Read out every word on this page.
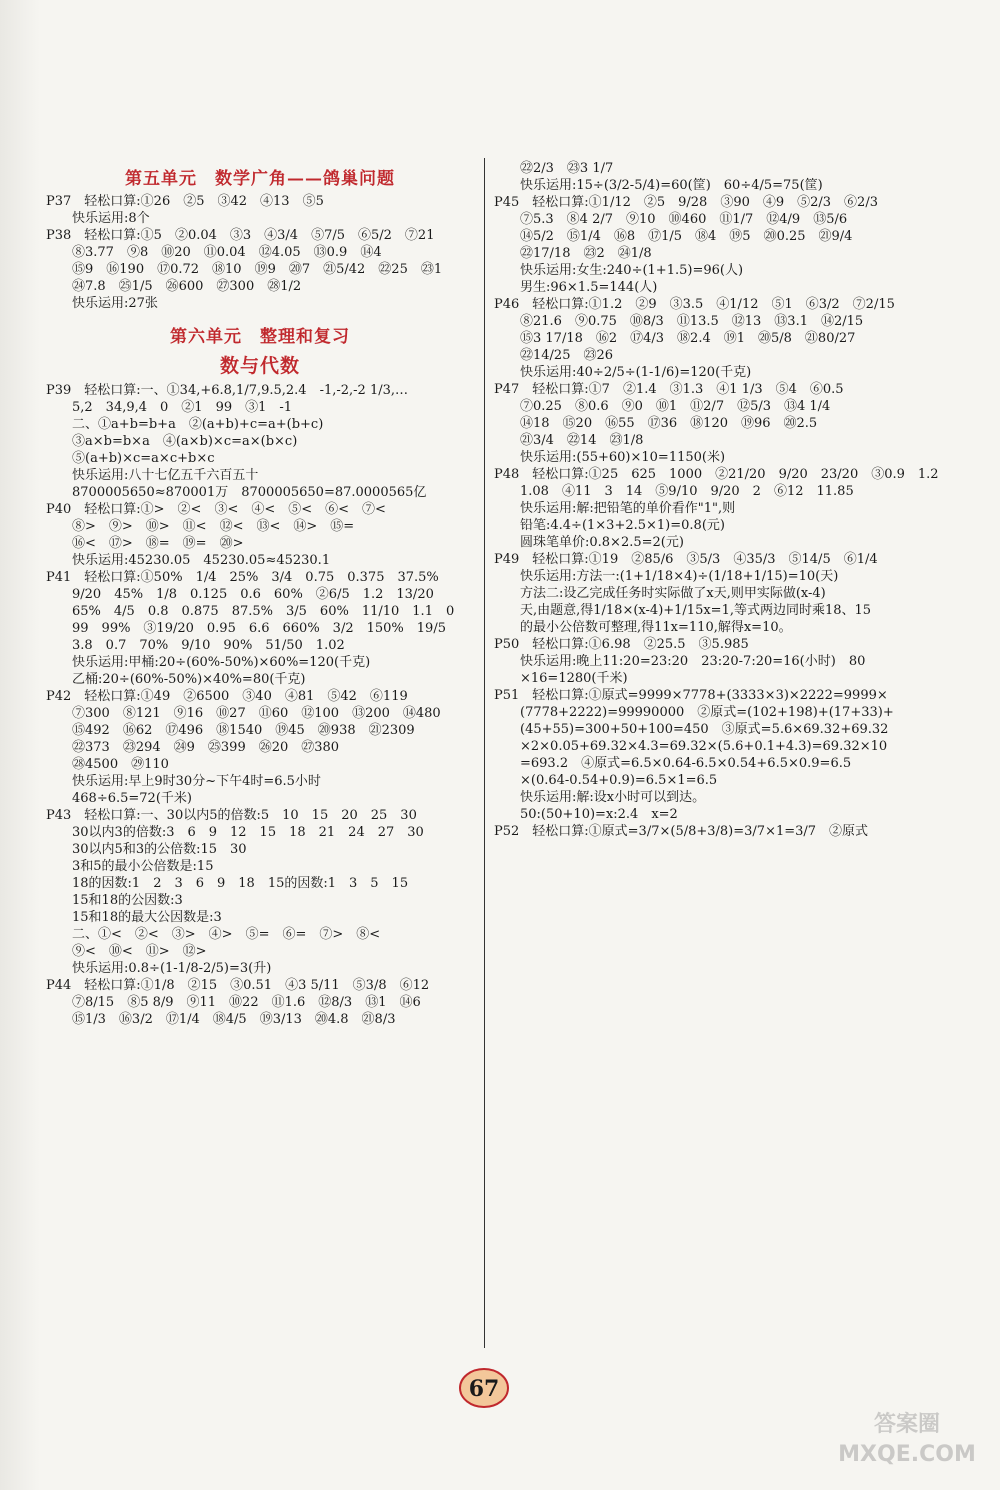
第五单元　数学广角——鸽巢问题
P37　轻松口算:①26　②5　③42　④13　⑤5
　　快乐运用:8个
P38　轻松口算:①5　②0.04　③3　④3/4　⑤7/5　⑥5/2　⑦21
　　⑧3.77　⑨8　⑩20　⑪0.04　⑫4.05　⑬0.9　⑭4
　　⑮9　⑯190　⑰0.72　⑱10　⑲9　⑳7　㉑5/42　㉒25　㉓1
　　㉔7.8　㉕1/5　㉖600　㉗300　㉘1/2
　　快乐运用:27张
第六单元　整理和复习
数与代数
P39　轻松口算:一、①34,+6.8,1/7,9.5,2.4　-1,-2,-2 1/3,…
　　5,2　34,9,4　0　②1　99　③1　-1
　　二、①a+b=b+a　②(a+b)+c=a+(b+c)
　　③a×b=b×a　④(a×b)×c=a×(b×c)
　　⑤(a+b)×c=a×c+b×c
　　快乐运用:八十七亿五千六百五十
　　8700005650≈870001万　8700005650=87.0000565亿
P40　轻松口算:①>　②<　③<　④<　⑤<　⑥<　⑦<
　　⑧>　⑨>　⑩>　⑪<　⑫<　⑬<　⑭>　⑮=
　　⑯<　⑰>　⑱=　⑲=　⑳>
　　快乐运用:45230.05　45230.05≈45230.1
P41　轻松口算:①50%　1/4　25%　3/4　0.75　0.375　37.5%
　　9/20　45%　1/8　0.125　0.6　60%　②6/5　1.2　13/20
　　65%　4/5　0.8　0.875　87.5%　3/5　60%　11/10　1.1　0
　　99　99%　③19/20　0.95　6.6　660%　3/2　150%　19/5
　　3.8　0.7　70%　9/10　90%　51/50　1.02
　　快乐运用:甲桶:20÷(60%-50%)×60%=120(千克)
　　乙桶:20÷(60%-50%)×40%=80(千克)
P42　轻松口算:①49　②6500　③40　④81　⑤42　⑥119
　　⑦300　⑧121　⑨16　⑩27　⑪60　⑫100　⑬200　⑭480
　　⑮492　⑯62　⑰496　⑱1540　⑲45　⑳938　㉑2309
　　㉒373　㉓294　㉔9　㉕399　㉖20　㉗380
　　㉘4500　㉙110
　　快乐运用:早上9时30分~下午4时=6.5小时
　　468÷6.5=72(千米)
P43　轻松口算:一、30以内5的倍数:5　10　15　20　25　30
　　30以内3的倍数:3　6　9　12　15　18　21　24　27　30
　　30以内5和3的公倍数:15　30
　　3和5的最小公倍数是:15
　　18的因数:1　2　3　6　9　18　15的因数:1　3　5　15
　　15和18的公因数:3
　　15和18的最大公因数是:3
　　二、①<　②<　③>　④>　⑤=　⑥=　⑦>　⑧<
　　⑨<　⑩<　⑪>　⑫>
　　快乐运用:0.8÷(1-1/8-2/5)=3(升)
P44　轻松口算:①1/8　②15　③0.51　④3 5/11　⑤3/8　⑥12
　　⑦8/15　⑧5 8/9　⑨11　⑩22　⑪1.6　⑫8/3　⑬1　⑭6
　　⑮1/3　⑯3/2　⑰1/4　⑱4/5　⑲3/13　⑳4.8　㉑8/3
　　㉒2/3　㉓3 1/7
　　快乐运用:15÷(3/2-5/4)=60(筐)　60÷4/5=75(筐)
P45　轻松口算:①1/12　②5　9/28　③90　④9　⑤2/3　⑥2/3
　　⑦5.3　⑧4 2/7　⑨10　⑩460　⑪1/7　⑫4/9　⑬5/6
　　⑭5/2　⑮1/4　⑯8　⑰1/5　⑱4　⑲5　⑳0.25　㉑9/4
　　㉒17/18　㉓2　㉔1/8
　　快乐运用:女生:240÷(1+1.5)=96(人)
　　男生:96×1.5=144(人)
P46　轻松口算:①1.2　②9　③3.5　④1/12　⑤1　⑥3/2　⑦2/15
　　⑧21.6　⑨0.75　⑩8/3　⑪13.5　⑫13　⑬3.1　⑭2/15
　　⑮3 17/18　⑯2　⑰4/3　⑱2.4　⑲1　⑳5/8　㉑80/27
　　㉒14/25　㉓26
　　快乐运用:40÷2/5÷(1-1/6)=120(千克)
P47　轻松口算:①7　②1.4　③1.3　④1 1/3　⑤4　⑥0.5
　　⑦0.25　⑧0.6　⑨0　⑩1　⑪2/7　⑫5/3　⑬4 1/4
　　⑭18　⑮20　⑯55　⑰36　⑱120　⑲96　⑳2.5
　　㉑3/4　㉒14　㉓1/8
　　快乐运用:(55+60)×10=1150(米)
P48　轻松口算:①25　625　1000　②21/20　9/20　23/20　③0.9　1.2
　　1.08　④11　3　14　⑤9/10　9/20　2　⑥12　11.85
　　快乐运用:解:把铅笔的单价看作"1",则
　　铅笔:4.4÷(1×3+2.5×1)=0.8(元)
　　圆珠笔单价:0.8×2.5=2(元)
P49　轻松口算:①19　②85/6　③5/3　④35/3　⑤14/5　⑥1/4
　　快乐运用:方法一:(1+1/18×4)÷(1/18+1/15)=10(天)
　　方法二:设乙完成任务时实际做了x天,则甲实际做(x-4)
　　天,由题意,得1/18×(x-4)+1/15x=1,等式两边同时乘18、15
　　的最小公倍数可整理,得11x=110,解得x=10。
P50　轻松口算:①6.98　②25.5　③5.985
　　快乐运用:晚上11:20=23:20　23:20-7:20=16(小时)　80
　　×16=1280(千米)
P51　轻松口算:①原式=9999×7778+(3333×3)×2222=9999×
　　(7778+2222)=99990000　②原式=(102+198)+(17+33)+
　　(45+55)=300+50+100=450　③原式=5.6×69.32+69.32
　　×2×0.05+69.32×4.3=69.32×(5.6+0.1+4.3)=69.32×10
　　=693.2　④原式=6.5×0.64-6.5×0.54+6.5×0.9=6.5
　　×(0.64-0.54+0.9)=6.5×1=6.5
　　快乐运用:解:设x小时可以到达。
　　50:(50+10)=x:2.4　x=2
P52　轻松口算:①原式=3/7×(5/8+3/8)=3/7×1=3/7　②原式
67
答案圈
MXQE.COM
